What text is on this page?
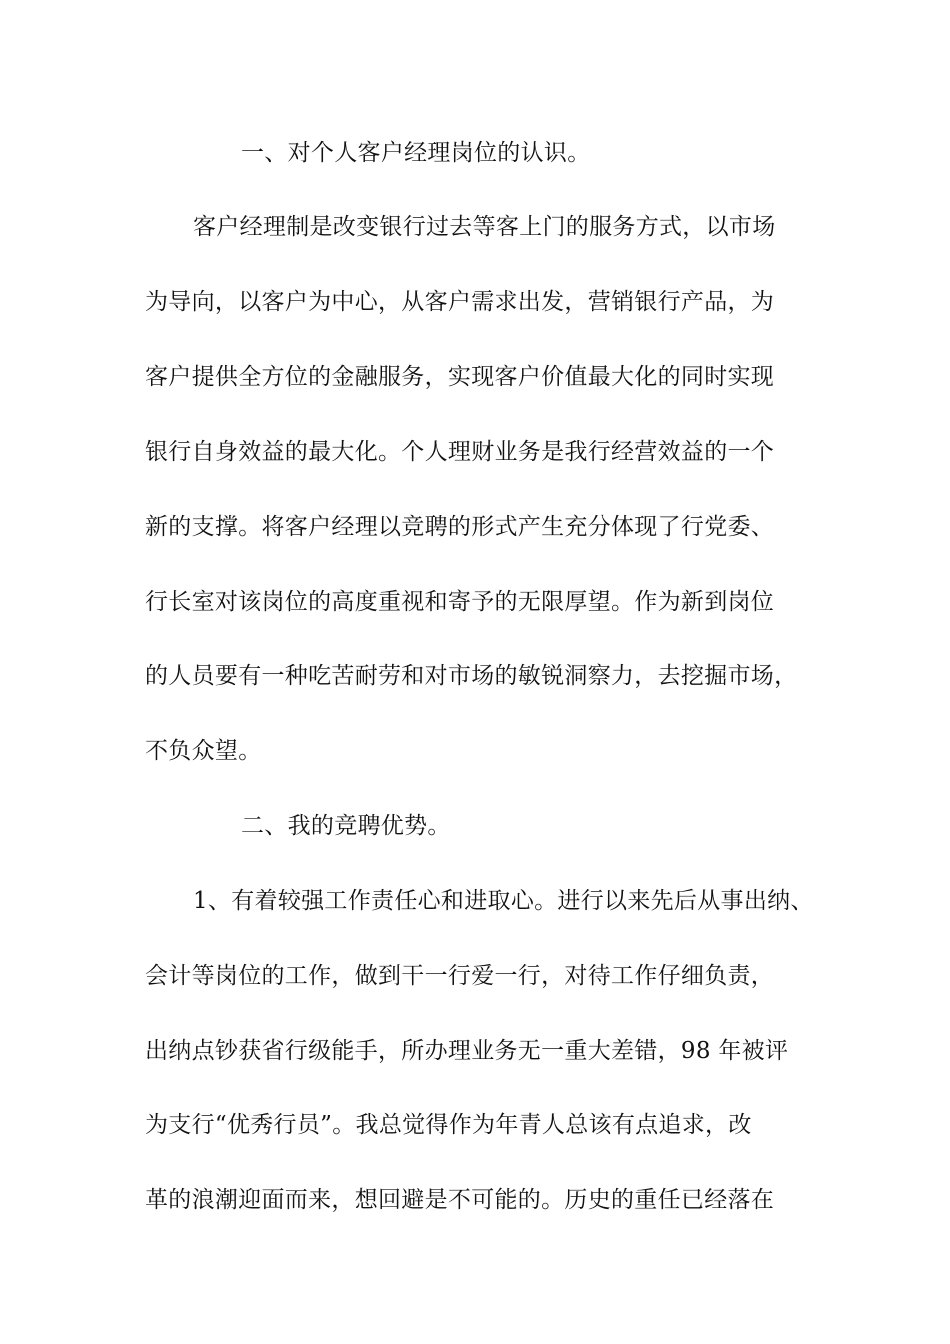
一、对个人客户经理岗位的认识。
客户经理制是改变银行过去等客上门的服务方式，以市场
为导向，以客户为中心，从客户需求出发，营销银行产品，为
客户提供全方位的金融服务，实现客户价值最大化的同时实现
银行自身效益的最大化。个人理财业务是我行经营效益的一个
新的支撑。将客户经理以竞聘的形式产生充分体现了行党委、
行长室对该岗位的高度重视和寄予的无限厚望。作为新到岗位
的人员要有一种吃苦耐劳和对市场的敏锐洞察力，去挖掘市场，
不负众望。
二、我的竞聘优势。
1、有着较强工作责任心和进取心。进行以来先后从事出纳、
会计等岗位的工作，做到干一行爱一行，对待工作仔细负责，
出纳点钞获省行级能手，所办理业务无一重大差错，98 年被评
为支行“优秀行员”。我总觉得作为年青人总该有点追求，改
革的浪潮迎面而来，想回避是不可能的。历史的重任已经落在
